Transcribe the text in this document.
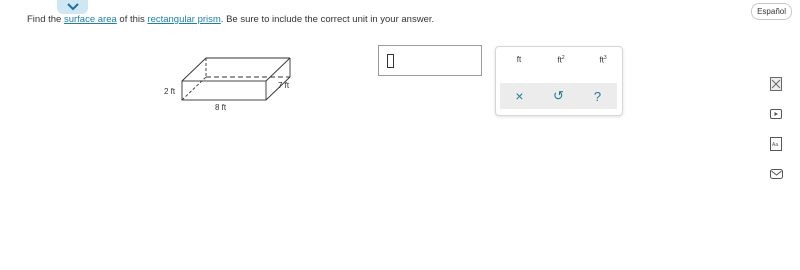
Español
Find the surface area of this rectangular prism. Be sure to include the correct unit in your answer.
2 ft
8 ft
7 ft
ft	$ft^2$	$ft^3$
× ↺ ?
Aa
